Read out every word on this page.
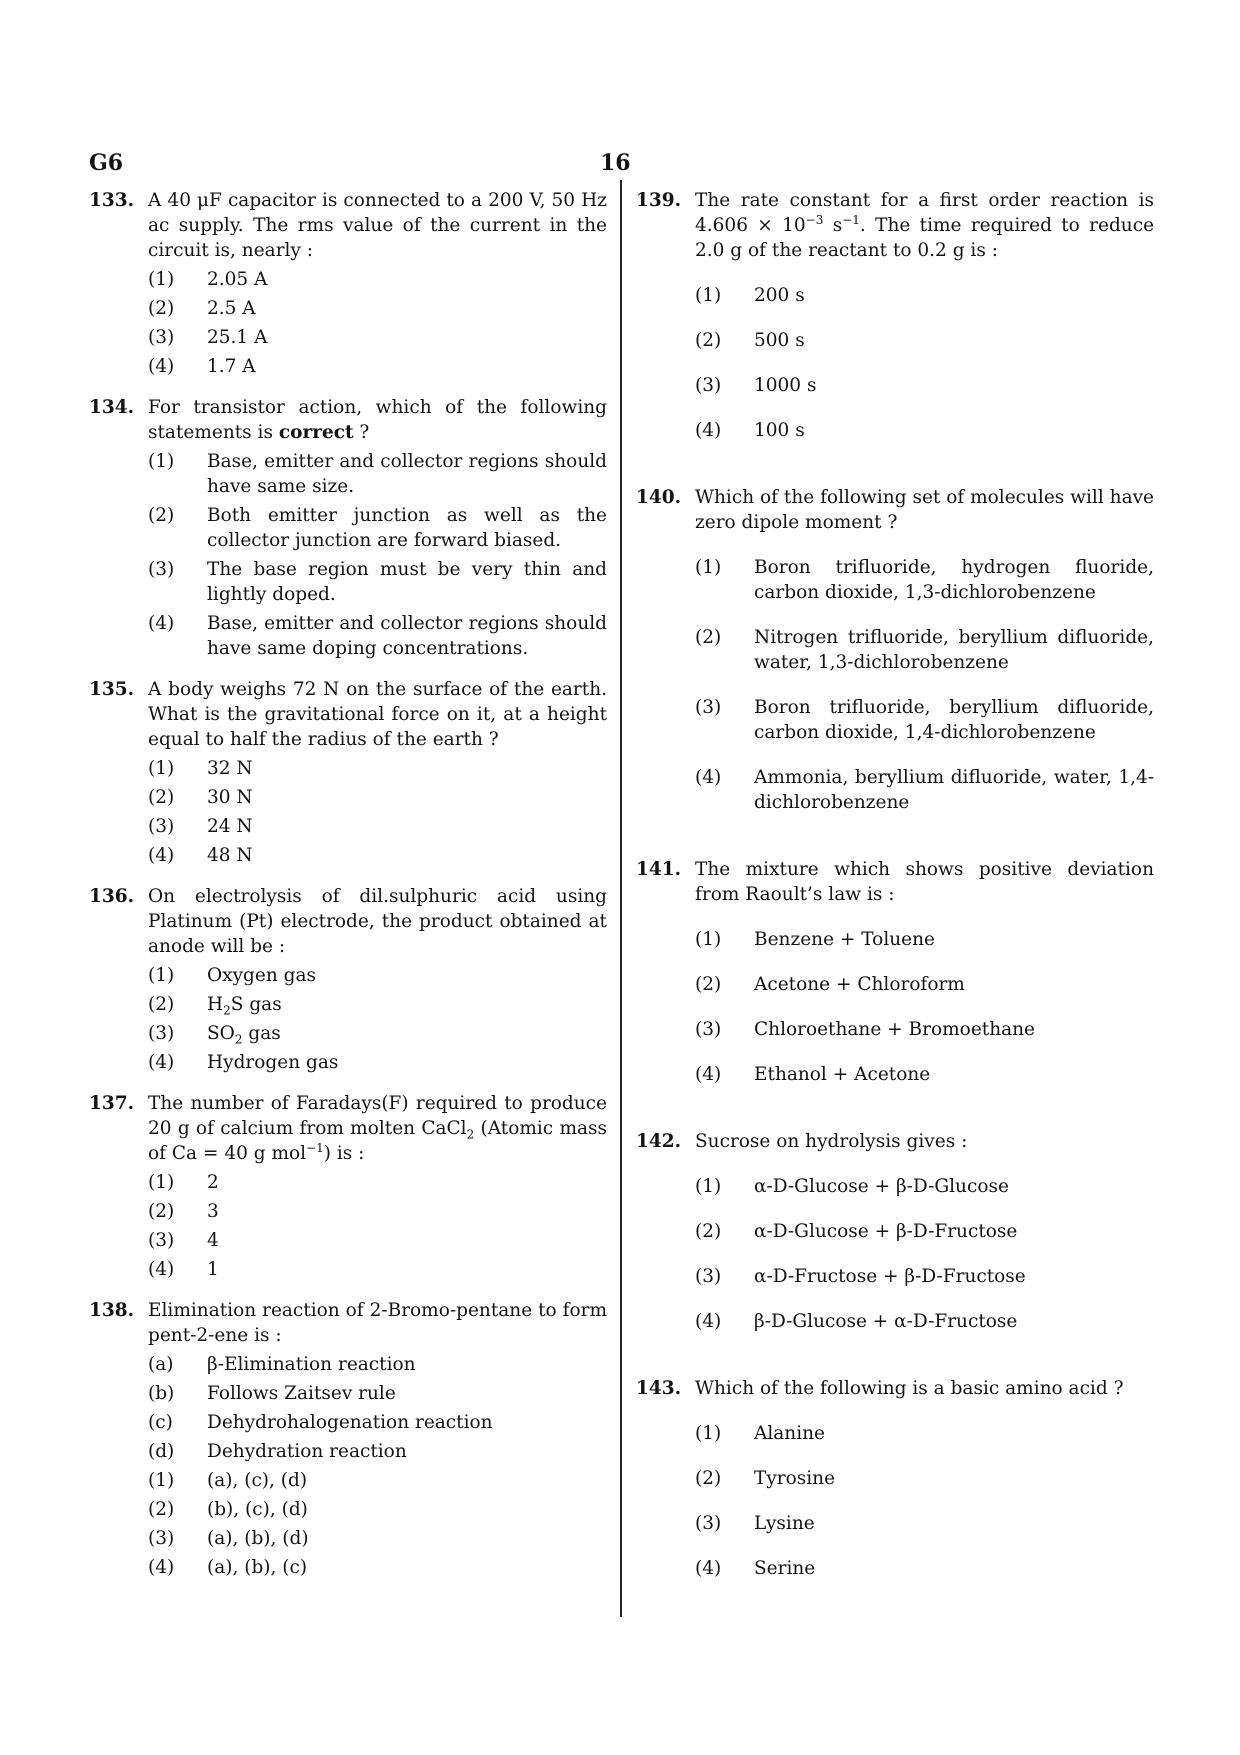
G6	16
133. A 40 μF capacitor is connected to a 200 V, 50 Hz ac supply. The rms value of the current in the circuit is, nearly :
(1) 2.05 A
(2) 2.5 A
(3) 25.1 A
(4) 1.7 A
134. For transistor action, which of the following statements is correct ?
(1) Base, emitter and collector regions should have same size.
(2) Both emitter junction as well as the collector junction are forward biased.
(3) The base region must be very thin and lightly doped.
(4) Base, emitter and collector regions should have same doping concentrations.
135. A body weighs 72 N on the surface of the earth. What is the gravitational force on it, at a height equal to half the radius of the earth ?
(1) 32 N
(2) 30 N
(3) 24 N
(4) 48 N
136. On electrolysis of dil.sulphuric acid using Platinum (Pt) electrode, the product obtained at anode will be :
(1) Oxygen gas
(2) $H_2S$ gas
(3) $SO_2$ gas
(4) Hydrogen gas
137. The number of Faradays(F) required to produce 20 g of calcium from molten CaCl$_2$ (Atomic mass of Ca = 40 g mol$^{-1}$) is :
(1) 2
(2) 3
(3) 4
(4) 1
138. Elimination reaction of 2-Bromo-pentane to form pent-2-ene is :
(a) β-Elimination reaction
(b) Follows Zaitsev rule
(c) Dehydrohalogenation reaction
(d) Dehydration reaction
(1) (a), (c), (d)
(2) (b), (c), (d)
(3) (a), (b), (d)
(4) (a), (b), (c)
139. The rate constant for a first order reaction is $4.606 \times 10^{-3}$ $s^{-1}$. The time required to reduce 2.0 g of the reactant to 0.2 g is :
(1) 200 s
(2) 500 s
(3) 1000 s
(4) 100 s
140. Which of the following set of molecules will have zero dipole moment ?
(1) Boron trifluoride, hydrogen fluoride, carbon dioxide, 1,3-dichlorobenzene
(2) Nitrogen trifluoride, beryllium difluoride, water, 1,3-dichlorobenzene
(3) Boron trifluoride, beryllium difluoride, carbon dioxide, 1,4-dichlorobenzene
(4) Ammonia, beryllium difluoride, water, 1,4-dichlorobenzene
141. The mixture which shows positive deviation from Raoult’s law is :
(1) Benzene + Toluene
(2) Acetone + Chloroform
(3) Chloroethane + Bromoethane
(4) Ethanol + Acetone
142. Sucrose on hydrolysis gives :
(1) α-D-Glucose + β-D-Glucose
(2) α-D-Glucose + β-D-Fructose
(3) α-D-Fructose + β-D-Fructose
(4) β-D-Glucose + α-D-Fructose
143. Which of the following is a basic amino acid ?
(1) Alanine
(2) Tyrosine
(3) Lysine
(4) Serine
